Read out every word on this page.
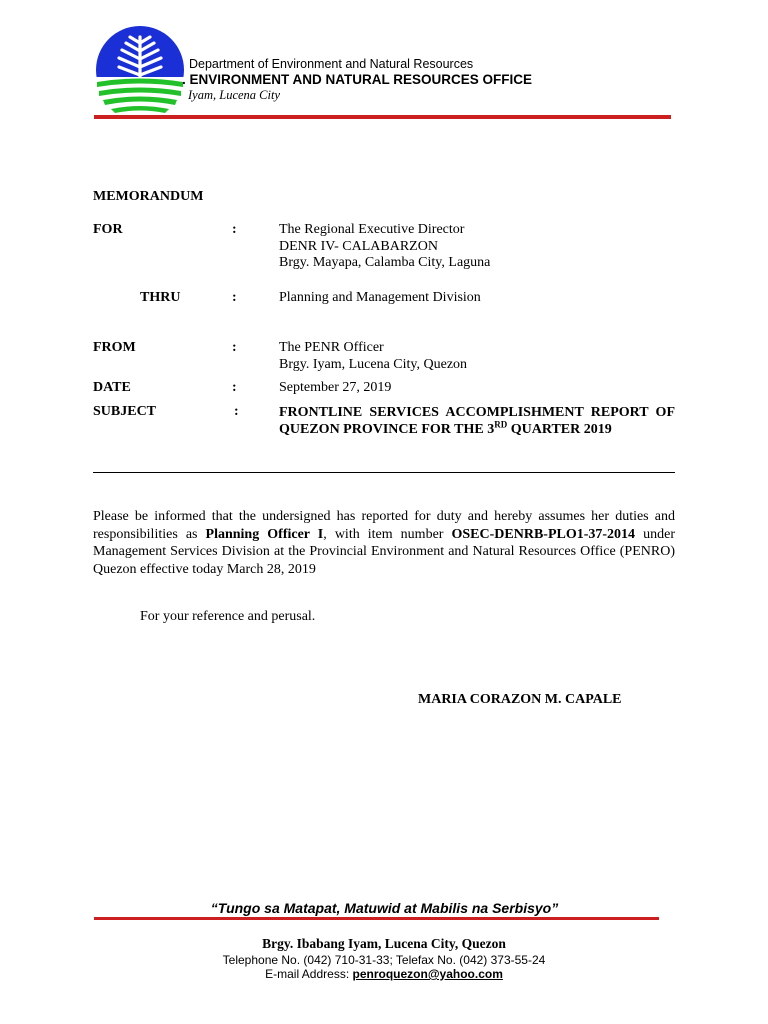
Department of Environment and Natural Resources
. ENVIRONMENT AND NATURAL RESOURCES OFFICE
Iyam, Lucena City
MEMORANDUM
FOR	:	The Regional Executive Director
DENR IV- CALABARZON
Brgy. Mayapa, Calamba City, Laguna
THRU	:	Planning and Management Division
FROM	:	The PENR Officer
Brgy. Iyam, Lucena City, Quezon
DATE	:	September 27, 2019
SUBJECT	:	FRONTLINE SERVICES ACCOMPLISHMENT REPORT OF QUEZON PROVINCE FOR THE 3RD QUARTER 2019
Please be informed that the undersigned has reported for duty and hereby assumes her duties and responsibilities as Planning Officer I, with item number OSEC-DENRB-PLO1-37-2014 under Management Services Division at the Provincial Environment and Natural Resources Office (PENRO) Quezon effective today March 28, 2019
For your reference and perusal.
MARIA CORAZON M. CAPALE
“Tungo sa Matapat, Matuwid at Mabilis na Serbisyo”
Brgy. Ibabang Iyam, Lucena City, Quezon
Telephone No. (042) 710-31-33; Telefax No. (042) 373-55-24
E-mail Address: penroquezon@yahoo.com
